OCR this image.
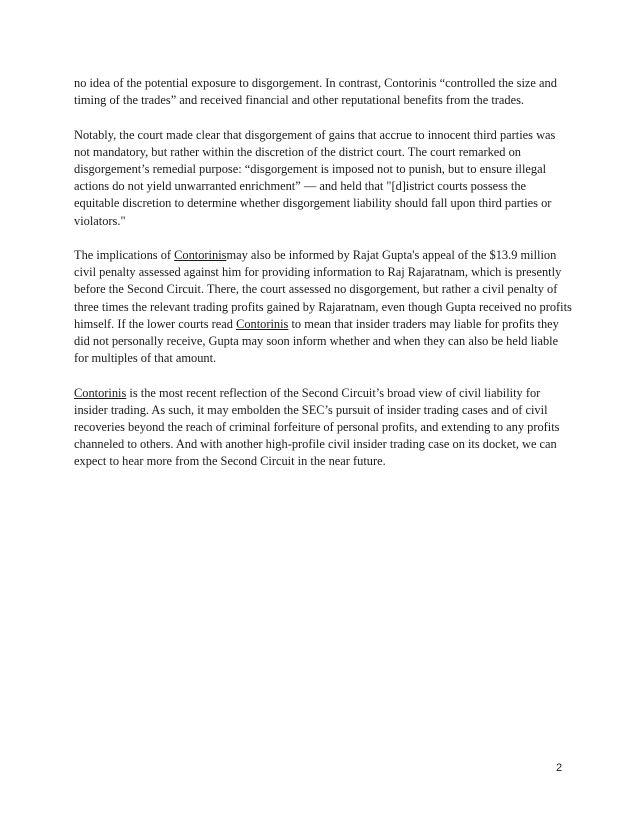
no idea of the potential exposure to disgorgement. In contrast, Contorinis “controlled the size and timing of the trades” and received financial and other reputational benefits from the trades.

Notably, the court made clear that disgorgement of gains that accrue to innocent third parties was not mandatory, but rather within the discretion of the district court. The court remarked on disgorgement’s remedial purpose: “disgorgement is imposed not to punish, but to ensure illegal actions do not yield unwarranted enrichment” — and held that "[d]istrict courts possess the equitable discretion to determine whether disgorgement liability should fall upon third parties or violators."

The implications of Contorinismay also be informed by Rajat Gupta's appeal of the $13.9 million civil penalty assessed against him for providing information to Raj Rajaratnam, which is presently before the Second Circuit. There, the court assessed no disgorgement, but rather a civil penalty of three times the relevant trading profits gained by Rajaratnam, even though Gupta received no profits himself. If the lower courts read Contorinis to mean that insider traders may liable for profits they did not personally receive, Gupta may soon inform whether and when they can also be held liable for multiples of that amount.

Contorinis is the most recent reflection of the Second Circuit’s broad view of civil liability for insider trading. As such, it may embolden the SEC’s pursuit of insider trading cases and of civil recoveries beyond the reach of criminal forfeiture of personal profits, and extending to any profits channeled to others. And with another high-profile civil insider trading case on its docket, we can expect to hear more from the Second Circuit in the near future.

2
